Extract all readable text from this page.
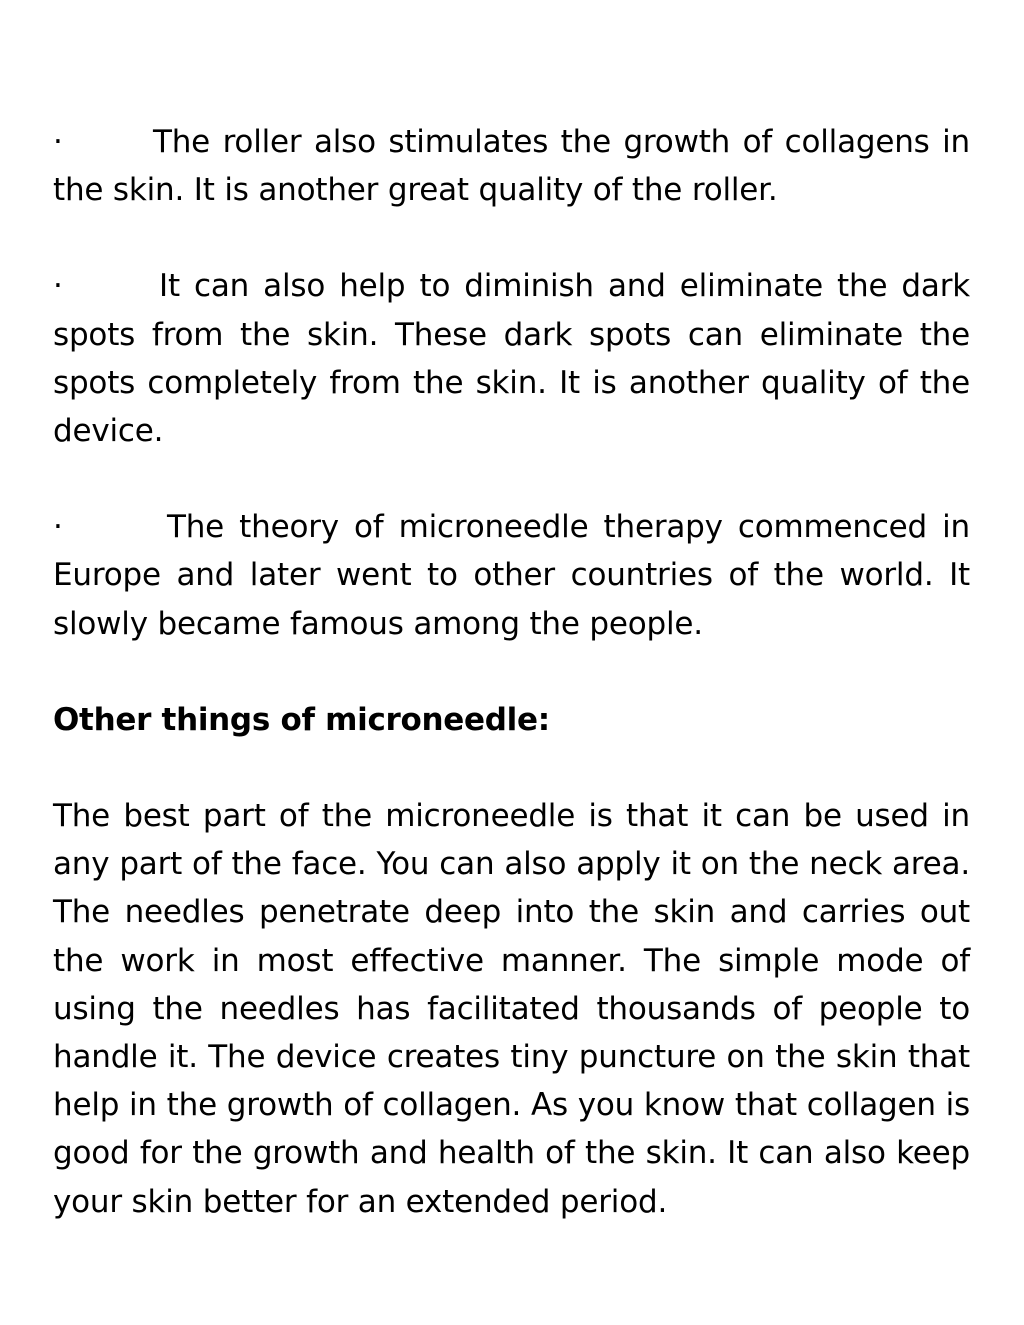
·	The roller also stimulates the growth of collagens in the skin. It is another great quality of the roller.

·	It can also help to diminish and eliminate the dark spots from the skin. These dark spots can eliminate the spots completely from the skin. It is another quality of the device.

·	The theory of microneedle therapy commenced in Europe and later went to other countries of the world. It slowly became famous among the people.

Other things of microneedle:

The best part of the microneedle is that it can be used in any part of the face. You can also apply it on the neck area. The needles penetrate deep into the skin and carries out the work in most effective manner. The simple mode of using the needles has facilitated thousands of people to handle it. The device creates tiny puncture on the skin that help in the growth of collagen. As you know that collagen is good for the growth and health of the skin. It can also keep your skin better for an extended period.
